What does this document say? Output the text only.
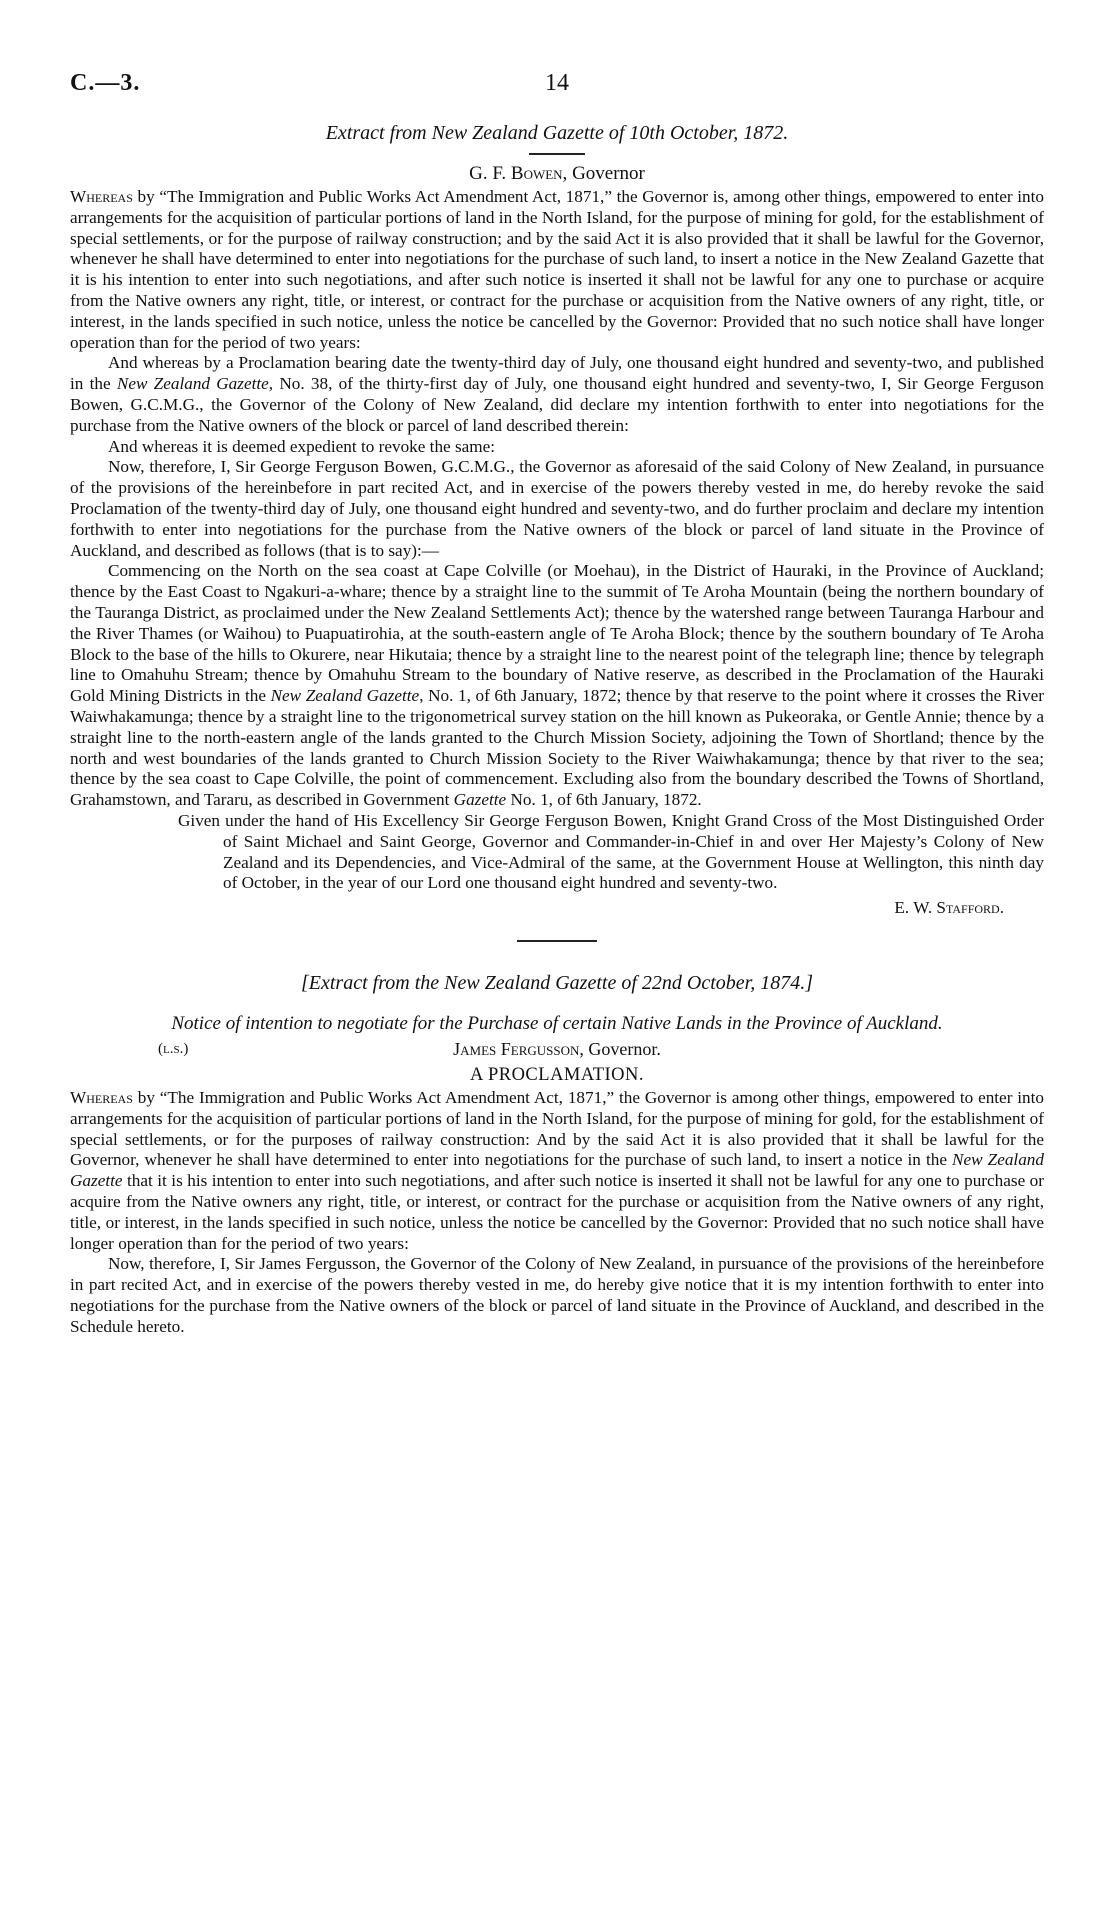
C.—3.	14
Extract from New Zealand Gazette of 10th October, 1872.
G. F. Bowen, Governor

Whereas by “The Immigration and Public Works Act Amendment Act, 1871,” the Governor is, among other things, empowered to enter into arrangements for the acquisition of particular portions of land in the North Island, for the purpose of mining for gold, for the establishment of special settlements, or for the purpose of railway construction; and by the said Act it is also provided that it shall be lawful for the Governor, whenever he shall have determined to enter into negotiations for the purchase of such land, to insert a notice in the New Zealand Gazette that it is his intention to enter into such negotiations, and after such notice is inserted it shall not be lawful for any one to purchase or acquire from the Native owners any right, title, or interest, or contract for the purchase or acquisition from the Native owners of any right, title, or interest, in the lands specified in such notice, unless the notice be cancelled by the Governor: Provided that no such notice shall have longer operation than for the period of two years:

And whereas by a Proclamation bearing date the twenty-third day of July, one thousand eight hundred and seventy-two, and published in the New Zealand Gazette, No. 38, of the thirty-first day of July, one thousand eight hundred and seventy-two, I, Sir George Ferguson Bowen, G.C.M.G., the Governor of the Colony of New Zealand, did declare my intention forthwith to enter into negotiations for the purchase from the Native owners of the block or parcel of land described therein:

And whereas it is deemed expedient to revoke the same:

Now, therefore, I, Sir George Ferguson Bowen, G.C.M.G., the Governor as aforesaid of the said Colony of New Zealand, in pursuance of the provisions of the hereinbefore in part recited Act, and in exercise of the powers thereby vested in me, do hereby revoke the said Proclamation of the twenty-third day of July, one thousand eight hundred and seventy-two, and do further proclaim and declare my intention forthwith to enter into negotiations for the purchase from the Native owners of the block or parcel of land situate in the Province of Auckland, and described as follows (that is to say):—

Commencing on the North on the sea coast at Cape Colville (or Moehau), in the District of Hauraki, in the Province of Auckland; thence by the East Coast to Ngakuri-a-whare; thence by a straight line to the summit of Te Aroha Mountain (being the northern boundary of the Tauranga District, as proclaimed under the New Zealand Settlements Act); thence by the watershed range between Tauranga Harbour and the River Thames (or Waihou) to Puapuatirohia, at the south-eastern angle of Te Aroha Block; thence by the southern boundary of Te Aroha Block to the base of the hills to Okurere, near Hikutaia; thence by a straight line to the nearest point of the telegraph line; thence by telegraph line to Omahuhu Stream; thence by Omahuhu Stream to the boundary of Native reserve, as described in the Proclamation of the Hauraki Gold Mining Districts in the New Zealand Gazette, No. 1, of 6th January, 1872; thence by that reserve to the point where it crosses the River Waiwhakamunga; thence by a straight line to the trigonometrical survey station on the hill known as Pukeoraka, or Gentle Annie; thence by a straight line to the north-eastern angle of the lands granted to the Church Mission Society, adjoining the Town of Shortland; thence by the north and west boundaries of the lands granted to Church Mission Society to the River Waiwhakamunga; thence by that river to the sea; thence by the sea coast to Cape Colville, the point of commencement. Excluding also from the boundary described the Towns of Shortland, Grahamstown, and Tararu, as described in Government Gazette No. 1, of 6th January, 1872.

Given under the hand of His Excellency Sir George Ferguson Bowen, Knight Grand Cross of the Most Distinguished Order of Saint Michael and Saint George, Governor and Commander-in-Chief in and over Her Majesty’s Colony of New Zealand and its Dependencies, and Vice-Admiral of the same, at the Government House at Wellington, this ninth day of October, in the year of our Lord one thousand eight hundred and seventy-two.

E. W. Stafford.
[Extract from the New Zealand Gazette of 22nd October, 1874.]
Notice of intention to negotiate for the Purchase of certain Native Lands in the Province of Auckland.
(l.s.)	James Fergusson, Governor.
A PROCLAMATION.

Whereas by “The Immigration and Public Works Act Amendment Act, 1871,” the Governor is among other things, empowered to enter into arrangements for the acquisition of particular portions of land in the North Island, for the purpose of mining for gold, for the establishment of special settlements, or for the purposes of railway construction: And by the said Act it is also provided that it shall be lawful for the Governor, whenever he shall have determined to enter into negotiations for the purchase of such land, to insert a notice in the New Zealand Gazette that it is his intention to enter into such negotiations, and after such notice is inserted it shall not be lawful for any one to purchase or acquire from the Native owners any right, title, or interest, or contract for the purchase or acquisition from the Native owners of any right, title, or interest, in the lands specified in such notice, unless the notice be cancelled by the Governor: Provided that no such notice shall have longer operation than for the period of two years:

Now, therefore, I, Sir James Fergusson, the Governor of the Colony of New Zealand, in pursuance of the provisions of the hereinbefore in part recited Act, and in exercise of the powers thereby vested in me, do hereby give notice that it is my intention forthwith to enter into negotiations for the purchase from the Native owners of the block or parcel of land situate in the Province of Auckland, and described in the Schedule hereto.
